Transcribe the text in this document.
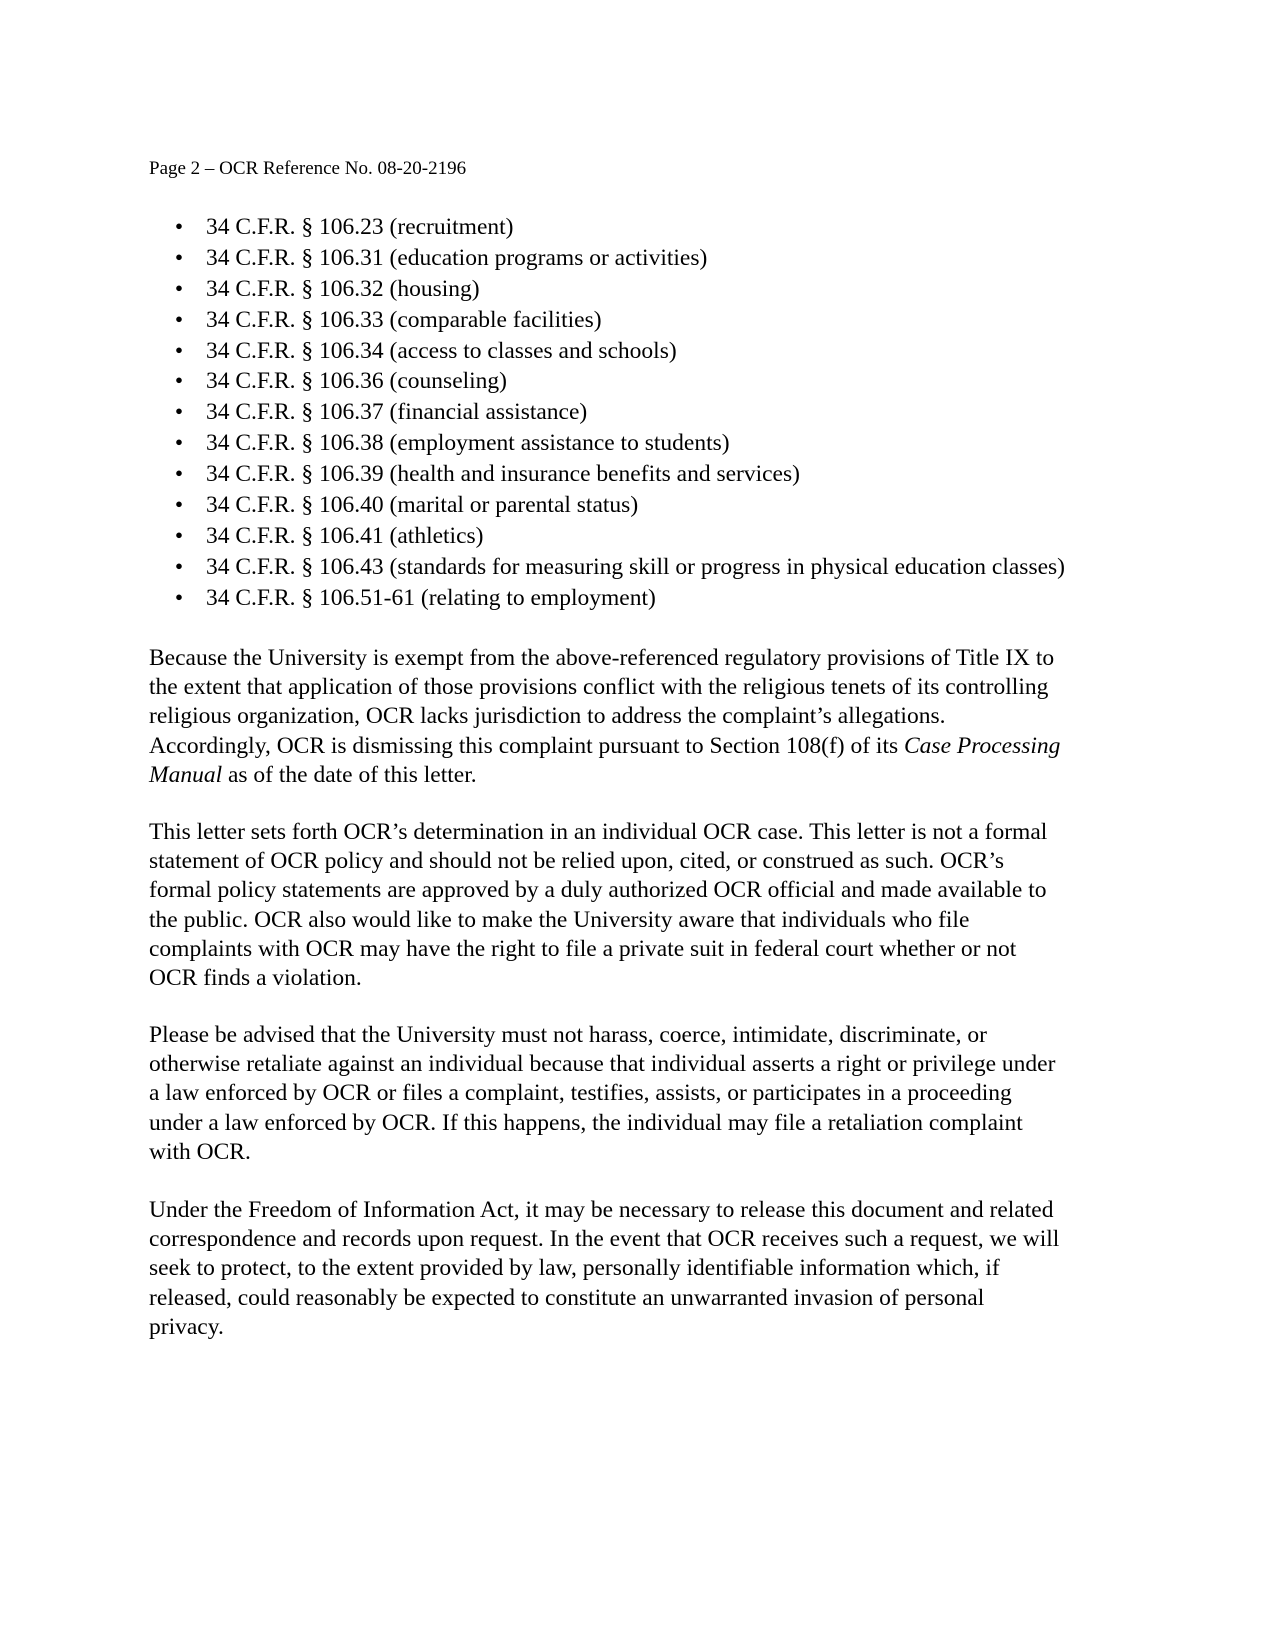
Page 2 – OCR Reference No. 08-20-2196
• 34 C.F.R. § 106.23 (recruitment)
• 34 C.F.R. § 106.31 (education programs or activities)
• 34 C.F.R. § 106.32 (housing)
• 34 C.F.R. § 106.33 (comparable facilities)
• 34 C.F.R. § 106.34 (access to classes and schools)
• 34 C.F.R. § 106.36 (counseling)
• 34 C.F.R. § 106.37 (financial assistance)
• 34 C.F.R. § 106.38 (employment assistance to students)
• 34 C.F.R. § 106.39 (health and insurance benefits and services)
• 34 C.F.R. § 106.40 (marital or parental status)
• 34 C.F.R. § 106.41 (athletics)
• 34 C.F.R. § 106.43 (standards for measuring skill or progress in physical education classes)
• 34 C.F.R. § 106.51-61 (relating to employment)

Because the University is exempt from the above-referenced regulatory provisions of Title IX to
the extent that application of those provisions conflict with the religious tenets of its controlling
religious organization, OCR lacks jurisdiction to address the complaint’s allegations.
Accordingly, OCR is dismissing this complaint pursuant to Section 108(f) of its Case Processing
Manual as of the date of this letter.

This letter sets forth OCR’s determination in an individual OCR case. This letter is not a formal
statement of OCR policy and should not be relied upon, cited, or construed as such. OCR’s
formal policy statements are approved by a duly authorized OCR official and made available to
the public. OCR also would like to make the University aware that individuals who file
complaints with OCR may have the right to file a private suit in federal court whether or not
OCR finds a violation.

Please be advised that the University must not harass, coerce, intimidate, discriminate, or
otherwise retaliate against an individual because that individual asserts a right or privilege under
a law enforced by OCR or files a complaint, testifies, assists, or participates in a proceeding
under a law enforced by OCR. If this happens, the individual may file a retaliation complaint
with OCR.

Under the Freedom of Information Act, it may be necessary to release this document and related
correspondence and records upon request. In the event that OCR receives such a request, we will
seek to protect, to the extent provided by law, personally identifiable information which, if
released, could reasonably be expected to constitute an unwarranted invasion of personal
privacy.
